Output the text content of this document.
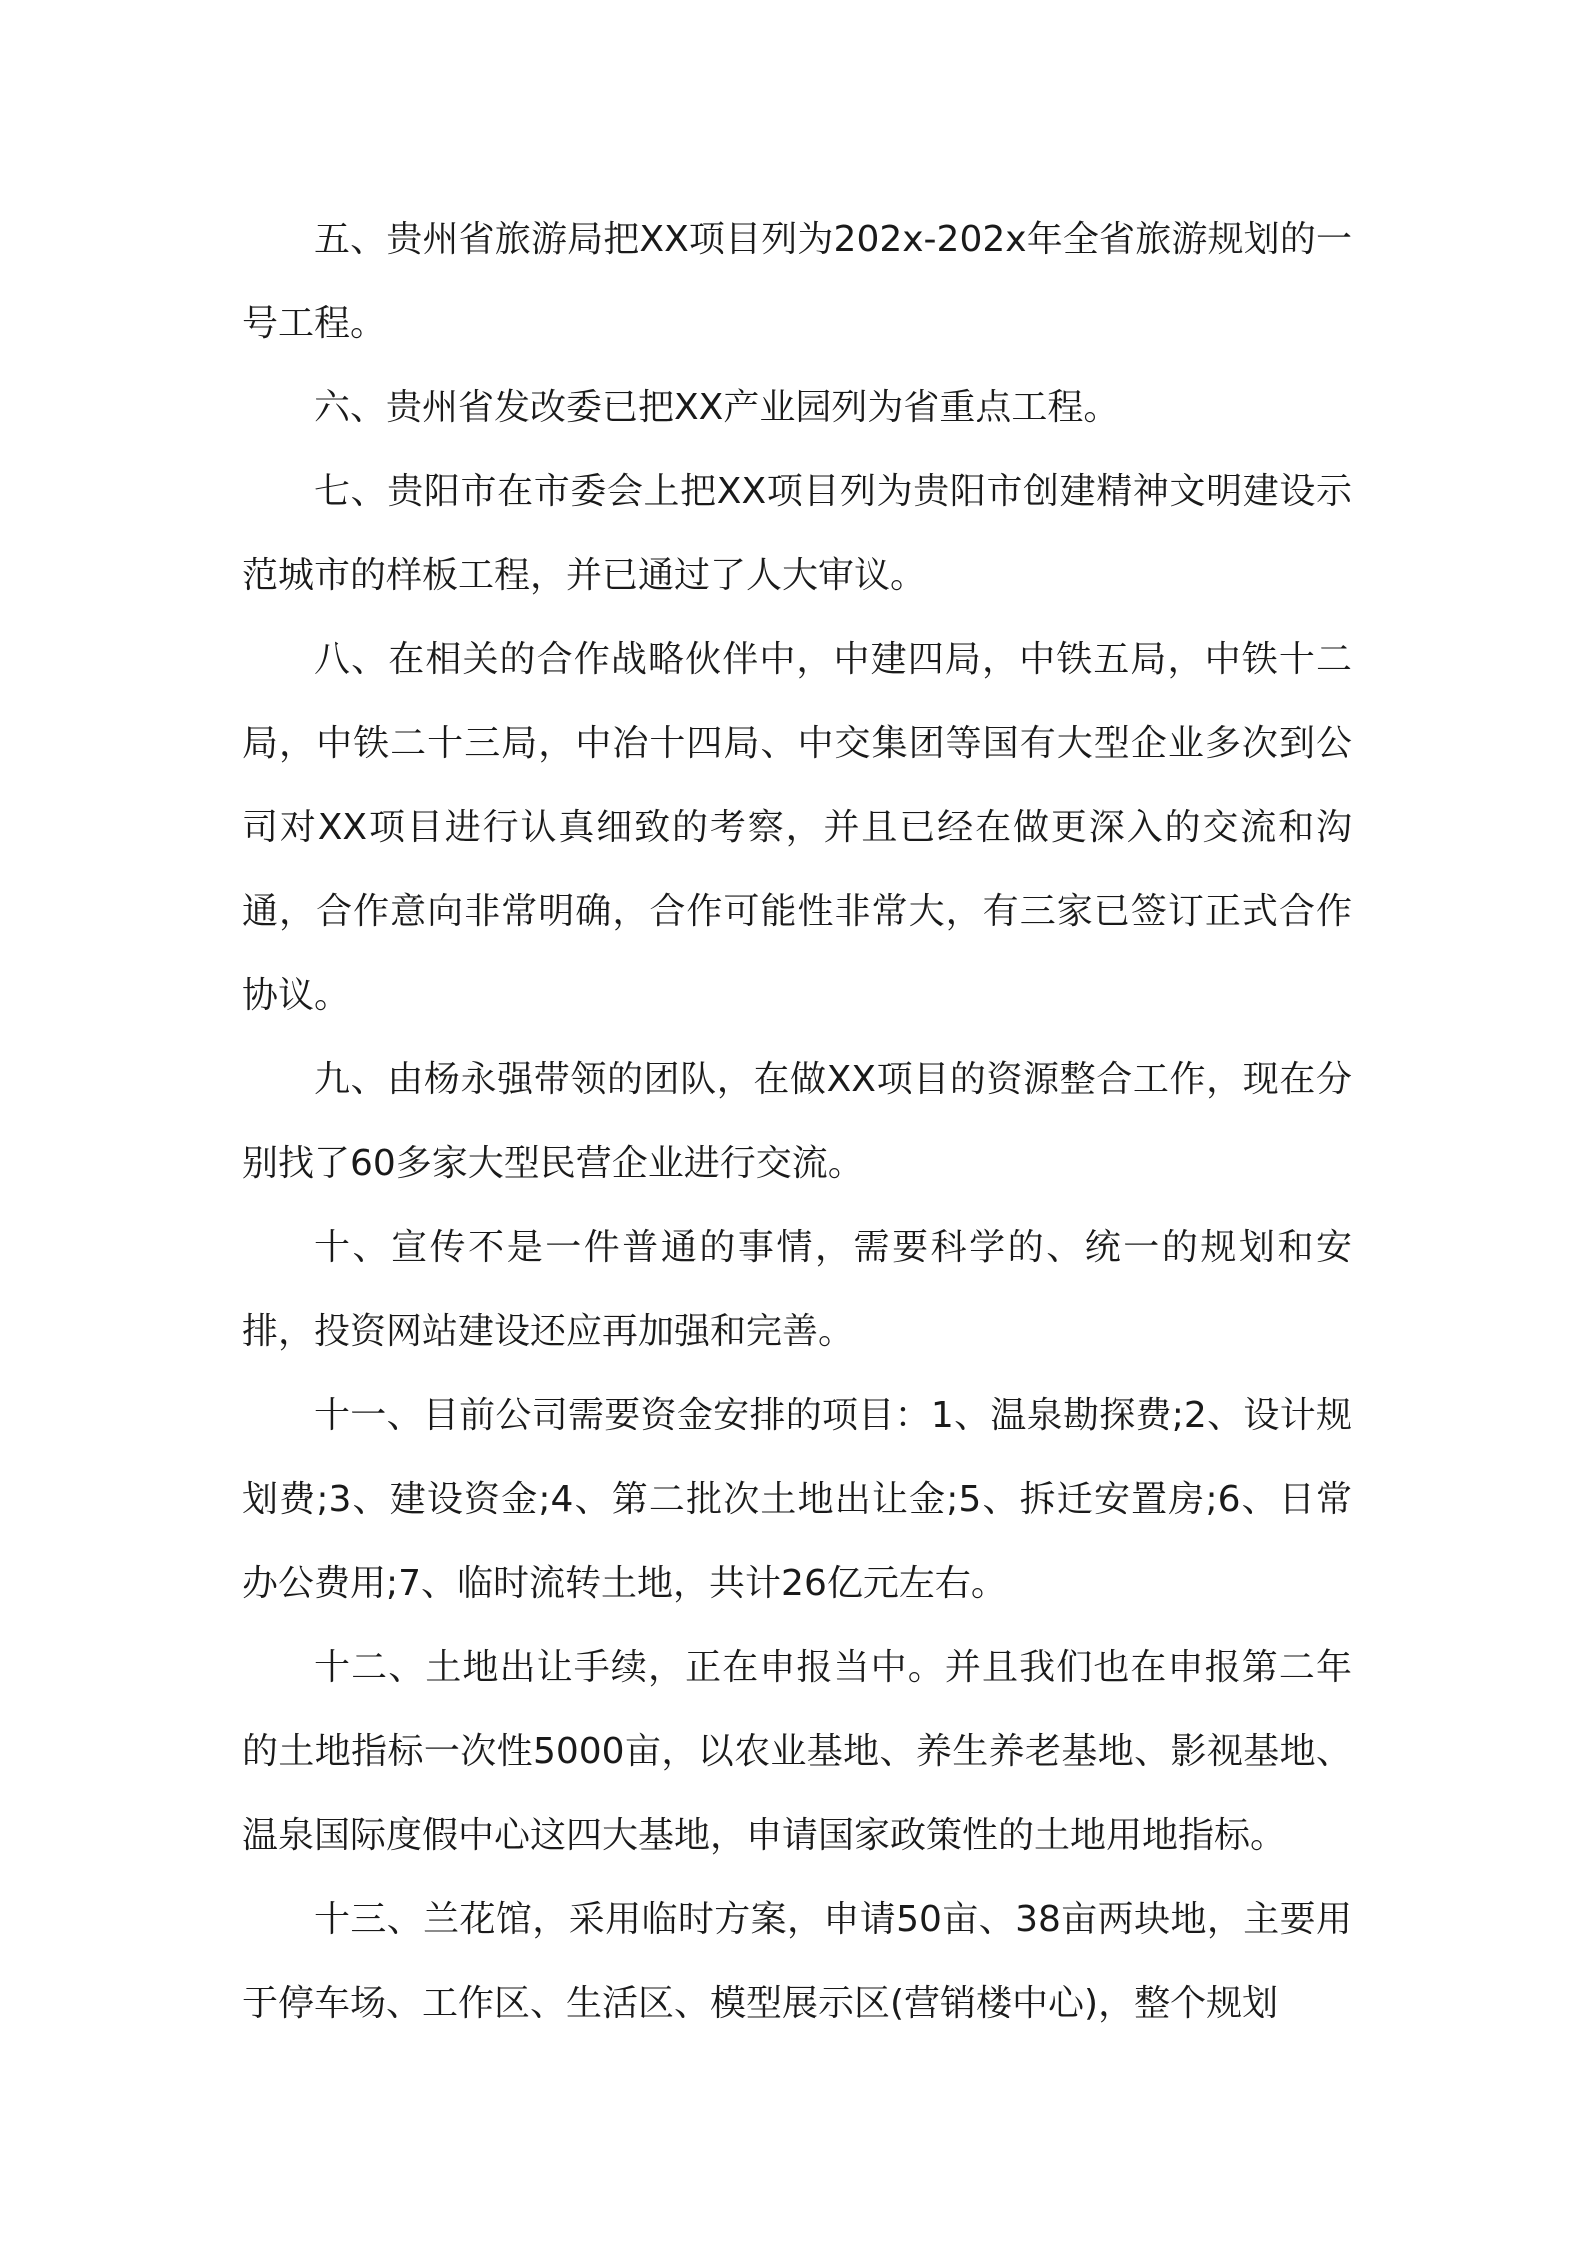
五、贵州省旅游局把XX项目列为202x-202x年全省旅游规划的一号工程。

六、贵州省发改委已把XX产业园列为省重点工程。

七、贵阳市在市委会上把XX项目列为贵阳市创建精神文明建设示范城市的样板工程，并已通过了人大审议。

八、在相关的合作战略伙伴中，中建四局，中铁五局，中铁十二局，中铁二十三局，中冶十四局、中交集团等国有大型企业多次到公司对XX项目进行认真细致的考察，并且已经在做更深入的交流和沟通，合作意向非常明确，合作可能性非常大，有三家已签订正式合作协议。

九、由杨永强带领的团队，在做XX项目的资源整合工作，现在分别找了60多家大型民营企业进行交流。

十、宣传不是一件普通的事情，需要科学的、统一的规划和安排，投资网站建设还应再加强和完善。

十一、目前公司需要资金安排的项目：1、温泉勘探费;2、设计规划费;3、建设资金;4、第二批次土地出让金;5、拆迁安置房;6、日常办公费用;7、临时流转土地，共计26亿元左右。

十二、土地出让手续，正在申报当中。并且我们也在申报第二年的土地指标一次性5000亩，以农业基地、养生养老基地、影视基地、温泉国际度假中心这四大基地，申请国家政策性的土地用地指标。

十三、兰花馆，采用临时方案，申请50亩、38亩两块地，主要用于停车场、工作区、生活区、模型展示区(营销楼中心)，整个规划
